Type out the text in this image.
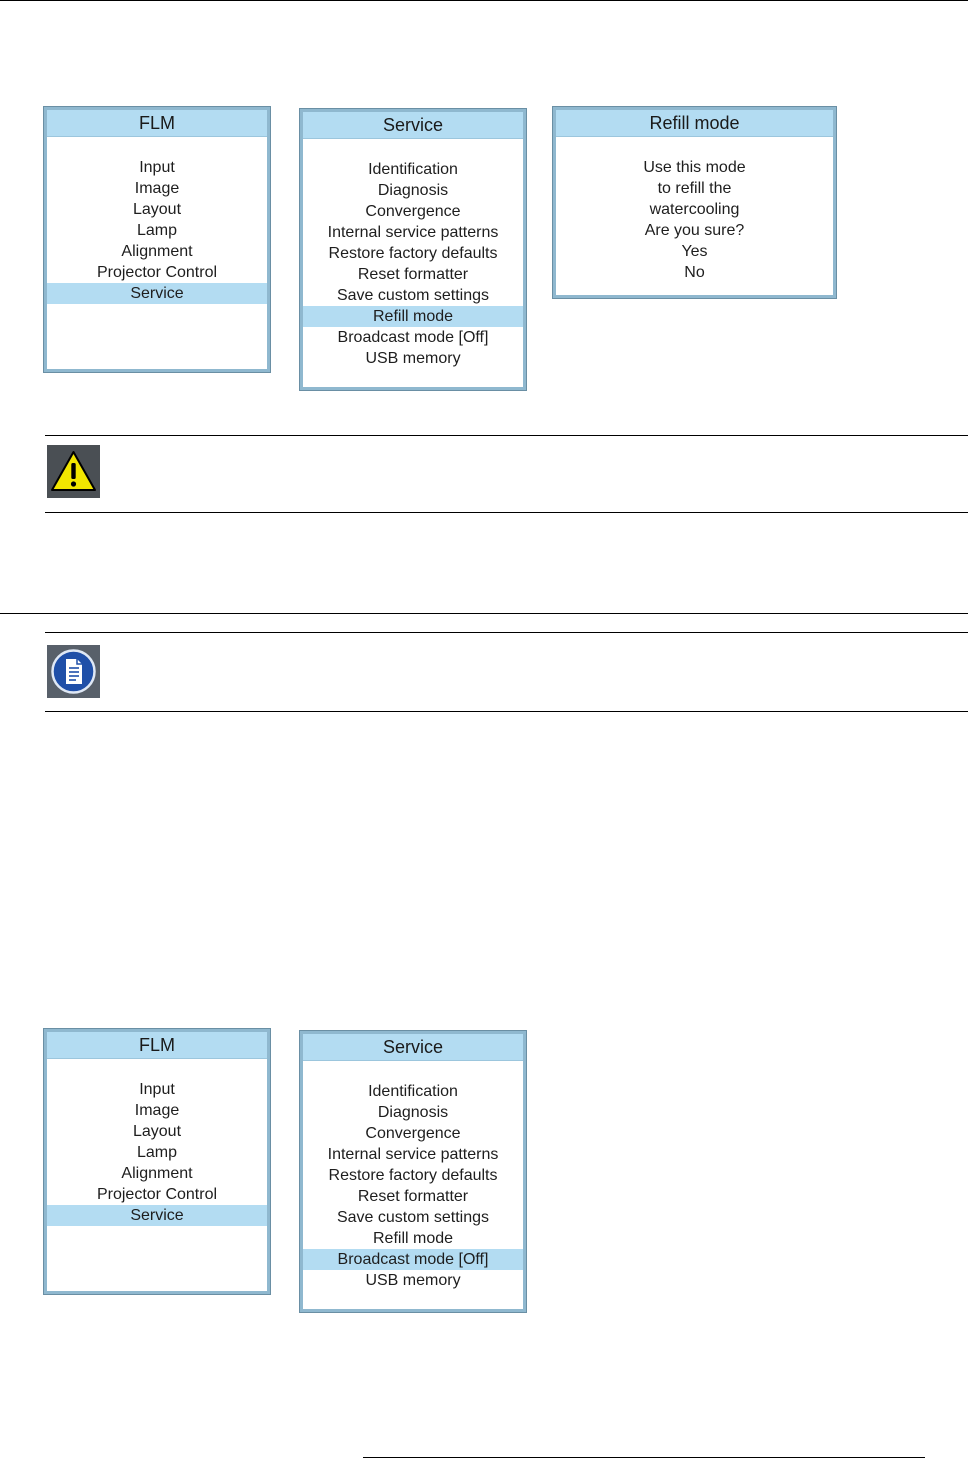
FLM
Input
Image
Layout
Lamp
Alignment
Projector Control
Service
Service
Identification
Diagnosis
Convergence
Internal service patterns
Restore factory defaults
Reset formatter
Save custom settings
Refill mode
Broadcast mode [Off]
USB memory
Refill mode
Use this mode
to refill the
watercooling
Are you sure?
Yes
No
FLM
Input
Image
Layout
Lamp
Alignment
Projector Control
Service
Service
Identification
Diagnosis
Convergence
Internal service patterns
Restore factory defaults
Reset formatter
Save custom settings
Refill mode
Broadcast mode [Off]
USB memory
